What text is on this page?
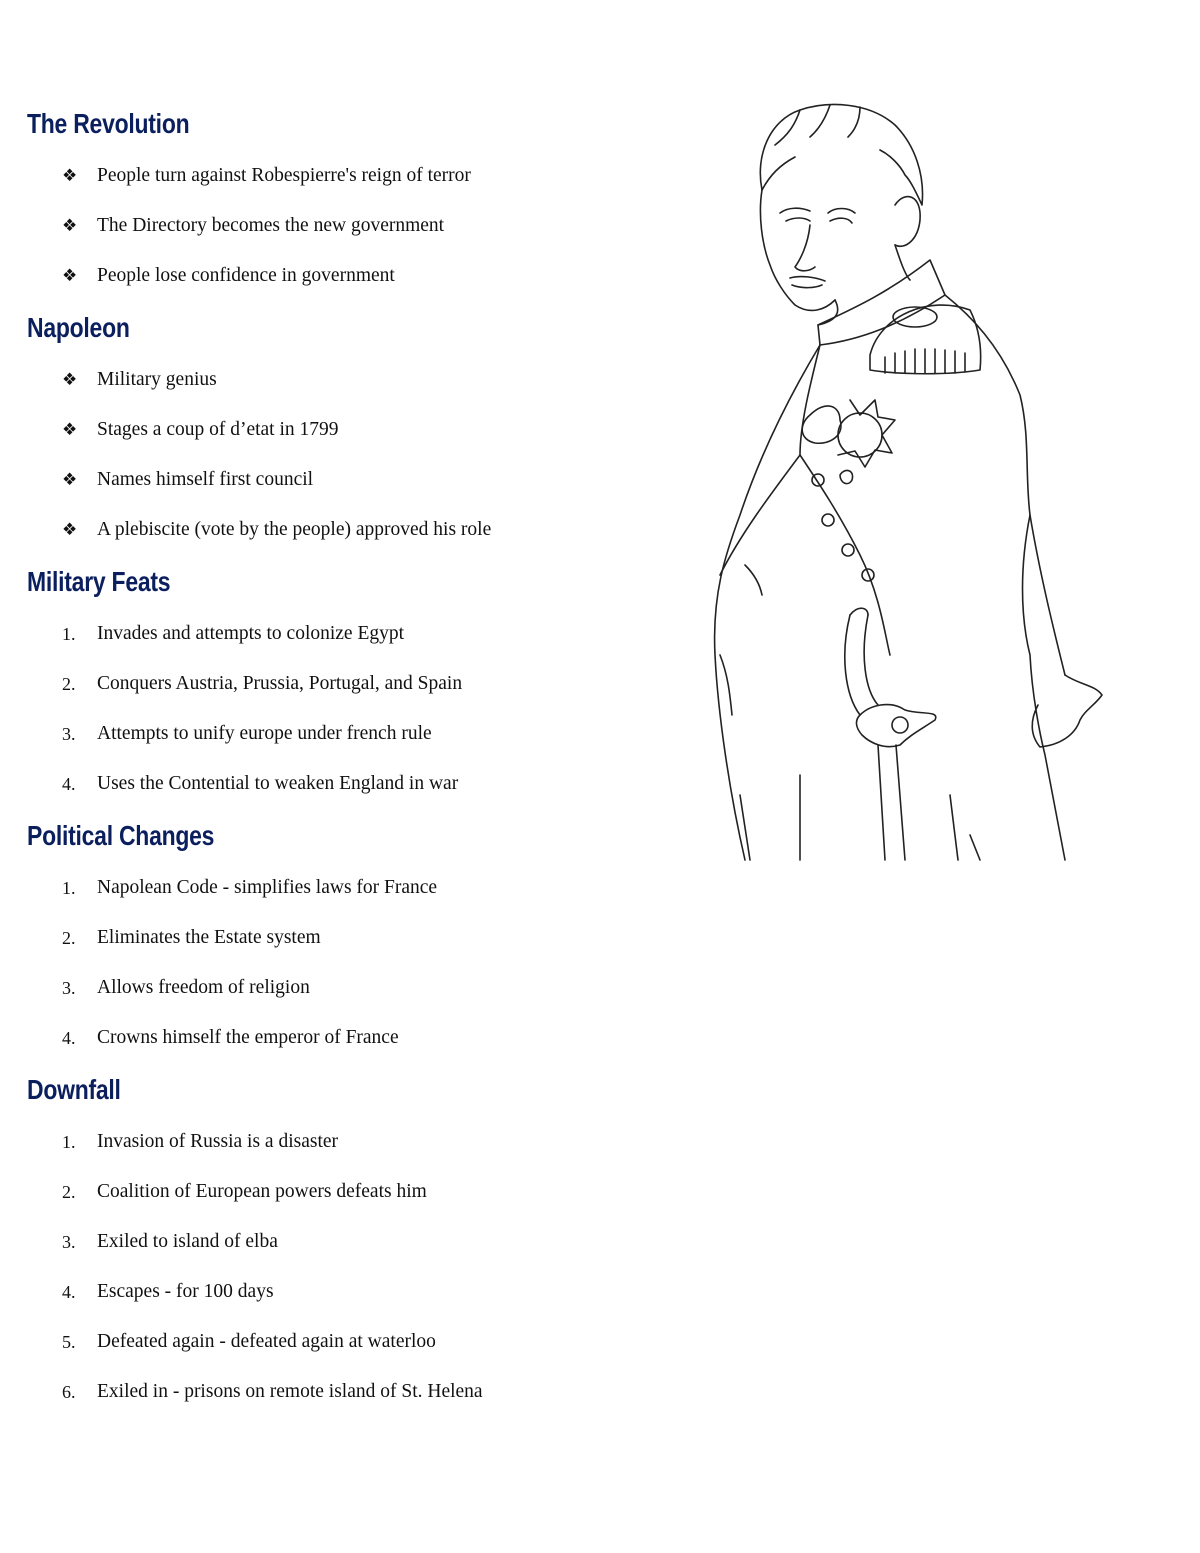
The Revolution
❖	People turn against Robespierre's reign of terror
❖	The Directory becomes the new government
❖	People lose confidence in government
Napoleon
❖	Military genius
❖	Stages a coup of d’etat in 1799
❖	Names himself first council
❖	A plebiscite (vote by the people) approved his role
Military Feats
1.	Invades and attempts to colonize Egypt
2.	Conquers Austria, Prussia, Portugal, and Spain
3.	Attempts to unify europe under french rule
4.	Uses the Contential to weaken England in war
Political Changes
1.	Napolean Code - simplifies laws for France
2.	Eliminates the Estate system
3.	Allows freedom of religion
4.	Crowns himself the emperor of France
Downfall
1.	Invasion of Russia is a disaster
2.	Coalition of European powers defeats him
3.	Exiled to island of elba
4.	Escapes - for 100 days
5.	Defeated again - defeated again at waterloo
6.	Exiled in - prisons on remote island of St. Helena
